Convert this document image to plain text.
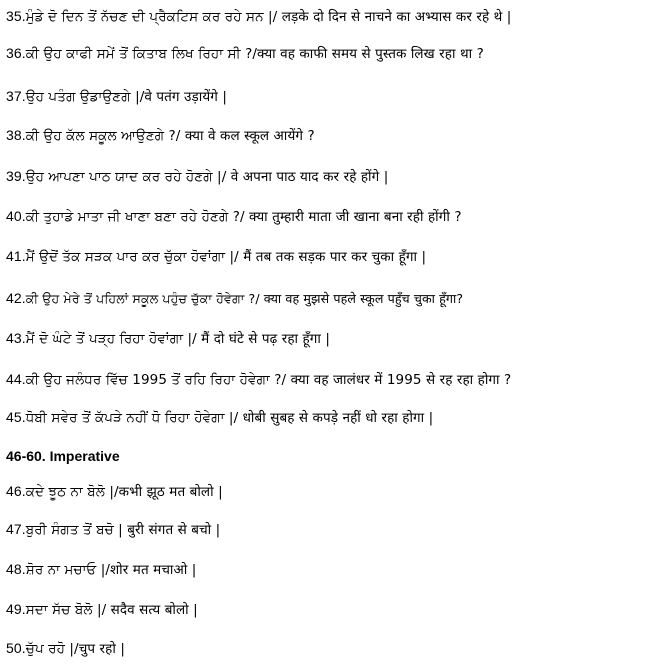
35.ਮੁੰਡੇ ਦੋ ਦਿਨ ਤੋਂ ਨੱਚਣ ਦੀ ਪ੍ਰੈਕਟਿਸ ਕਰ ਰਹੇ ਸਨ |/ लड़के दो दिन से नाचने का अभ्यास कर रहे थे |
36.ਕੀ ਉਹ ਕਾਫੀ ਸਮੇਂ ਤੋਂ ਕਿਤਾਬ ਲਿਖ ਰਿਹਾ ਸੀ ?/क्या वह काफी समय से पुस्तक लिख रहा था ?
37.ਉਹ ਪਤੰਗ ਉਡਾਉਣਗੇ |/वे पतंग उड़ायेंगे |
38.ਕੀ ਉਹ ਕੱਲ ਸਕੂਲ ਆਉਣਗੇ ?/ क्या वे कल स्कूल आयेंगे ?
39.ਉਹ ਆਪਣਾ ਪਾਠ ਯਾਦ ਕਰ ਰਹੇ ਹੋਣਗੇ |/ वे अपना पाठ याद कर रहे होंगे |
40.ਕੀ ਤੁਹਾਡੇ ਮਾਤਾ ਜੀ ਖਾਣਾ ਬਣਾ ਰਹੇ ਹੋਣਗੇ ?/ क्या तुम्हारी माता जी खाना बना रही होंगी ?
41.ਮੈਂ ਉਦੋਂ ਤੱਕ ਸੜਕ ਪਾਰ ਕਰ ਚੁੱਕਾ ਹੋਵਾਂਗਾ |/ मैं तब तक सड़क पार कर चुका हूँगा |
42.ਕੀ ਉਹ ਮੇਰੇ ਤੋਂ ਪਹਿਲਾਂ ਸਕੂਲ ਪਹੁੰਚ ਚੁੱਕਾ ਹੋਵੇਗਾ ?/ क्या वह मुझसे पहले स्कूल पहुँच चुका हूँगा?
43.ਮੈਂ ਦੋ ਘੰਟੇ ਤੋਂ ਪੜ੍ਹ ਰਿਹਾ ਹੋਵਾਂਗਾ |/ मैं दो घंटे से पढ़ रहा हूँगा |
44.ਕੀ ਉਹ ਜਲੰਧਰ ਵਿੱਚ 1995 ਤੋਂ ਰਹਿ ਰਿਹਾ ਹੋਵੇਗਾ ?/ क्या वह जालंधर में 1995 से रह रहा होगा ?
45.ਧੋਬੀ ਸਵੇਰ ਤੋਂ ਕੱਪੜੇ ਨਹੀਂ ਧੋ ਰਿਹਾ ਹੋਵੇਗਾ |/ धोबी सुबह से कपड़े नहीं धो रहा होगा |
46-60. Imperative
46.ਕਦੇ ਝੂਠ ਨਾ ਬੋਲੋ |/कभी झूठ मत बोलो |
47.ਬੁਰੀ ਸੰਗਤ ਤੋਂ ਬਚੋ | बुरी संगत से बचो |
48.ਸ਼ੋਰ ਨਾ ਮਚਾਓ |/शोर मत मचाओ |
49.ਸਦਾ ਸੱਚ ਬੋਲੋ |/ सदैव सत्य बोलो |
50.ਚੁੱਪ ਰਹੋ |/चुप रहो |
